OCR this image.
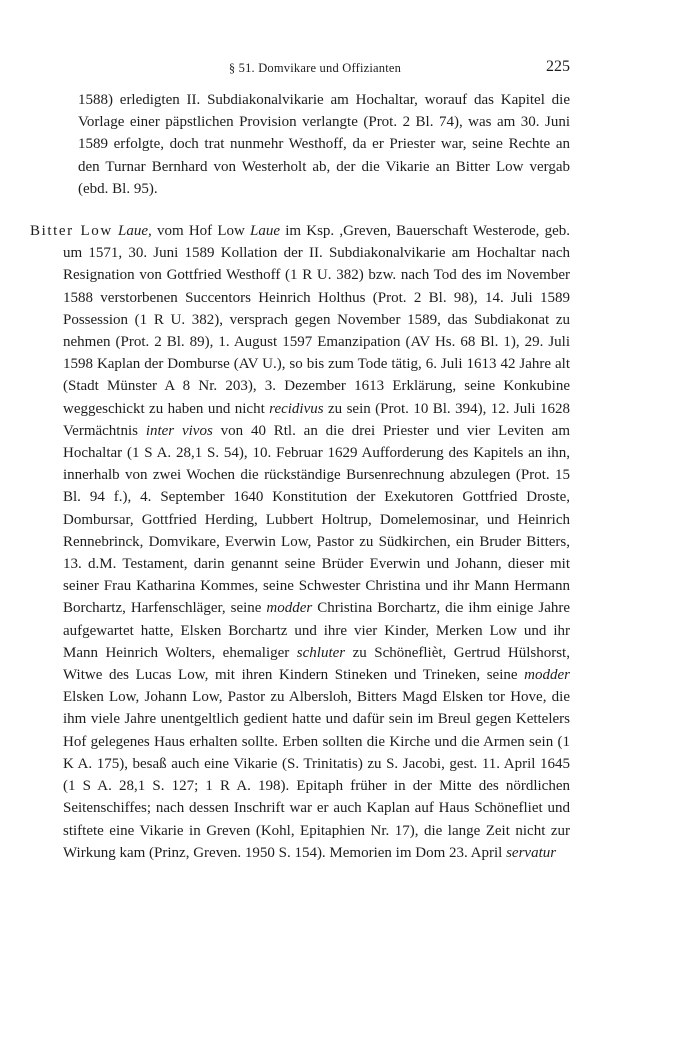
§ 51. Domvikare und Offizianten	225

1588) erledigten II. Subdiakonalvikarie am Hochaltar, worauf das Kapitel die Vorlage einer päpstlichen Provision verlangte (Prot. 2 Bl. 74), was am 30. Juni 1589 erfolgte, doch trat nunmehr Westhoff, da er Priester war, seine Rechte an den Turnar Bernhard von Westerholt ab, der die Vikarie an Bitter Low vergab (ebd. Bl. 95).

Bitter Low Laue, vom Hof Low Laue im Ksp. ,Greven, Bauerschaft Westerode, geb. um 1571, 30. Juni 1589 Kollation der II. Subdiakonalvikarie am Hochaltar nach Resignation von Gottfried Westhoff (1 R U. 382) bzw. nach Tod des im November 1588 verstorbenen Succentors Heinrich Holthus (Prot. 2 Bl. 98), 14. Juli 1589 Possession (1 R U. 382), versprach gegen November 1589, das Subdiakonat zu nehmen (Prot. 2 Bl. 89), 1. August 1597 Emanzipation (AV Hs. 68 Bl. 1), 29. Juli 1598 Kaplan der Domburse (AV U.), so bis zum Tode tätig, 6. Juli 1613 42 Jahre alt (Stadt Münster A 8 Nr. 203), 3. Dezember 1613 Erklärung, seine Konkubine weggeschickt zu haben und nicht recidivus zu sein (Prot. 10 Bl. 394), 12. Juli 1628 Vermächtnis inter vivos von 40 Rtl. an die drei Priester und vier Leviten am Hochaltar (1 S A. 28,1 S. 54), 10. Februar 1629 Aufforderung des Kapitels an ihn, innerhalb von zwei Wochen die rückständige Bursenrechnung abzulegen (Prot. 15 Bl. 94 f.), 4. September 1640 Konstitution der Exekutoren Gottfried Droste, Dombursar, Gottfried Herding, Lubbert Holtrup, Domelemosinar, und Heinrich Rennebrinck, Domvikare, Everwin Low, Pastor zu Südkirchen, ein Bruder Bitters, 13. d.M. Testament, darin genannt seine Brüder Everwin und Johann, dieser mit seiner Frau Katharina Kommes, seine Schwester Christina und ihr Mann Hermann Borchartz, Harfenschläger, seine modder Christina Borchartz, die ihm einige Jahre aufgewartet hatte, Elsken Borchartz und ihre vier Kinder, Merken Low und ihr Mann Heinrich Wolters, ehemaliger schluter zu Schöneflièt, Gertrud Hülshorst, Witwe des Lucas Low, mit ihren Kindern Stineken und Trineken, seine modder Elsken Low, Johann Low, Pastor zu Albersloh, Bitters Magd Elsken tor Hove, die ihm viele Jahre unentgeltlich gedient hatte und dafür sein im Breul gegen Kettelers Hof gelegenes Haus erhalten sollte. Erben sollten die Kirche und die Armen sein (1 K A. 175), besaß auch eine Vikarie (S. Trinitatis) zu S. Jacobi, gest. 11. April 1645 (1 S A. 28,1 S. 127; 1 R A. 198). Epitaph früher in der Mitte des nördlichen Seitenschiffes; nach dessen Inschrift war er auch Kaplan auf Haus Schönefliet und stiftete eine Vikarie in Greven (Kohl, Epitaphien Nr. 17), die lange Zeit nicht zur Wirkung kam (Prinz, Greven. 1950 S. 154). Memorien im Dom 23. April servatur
